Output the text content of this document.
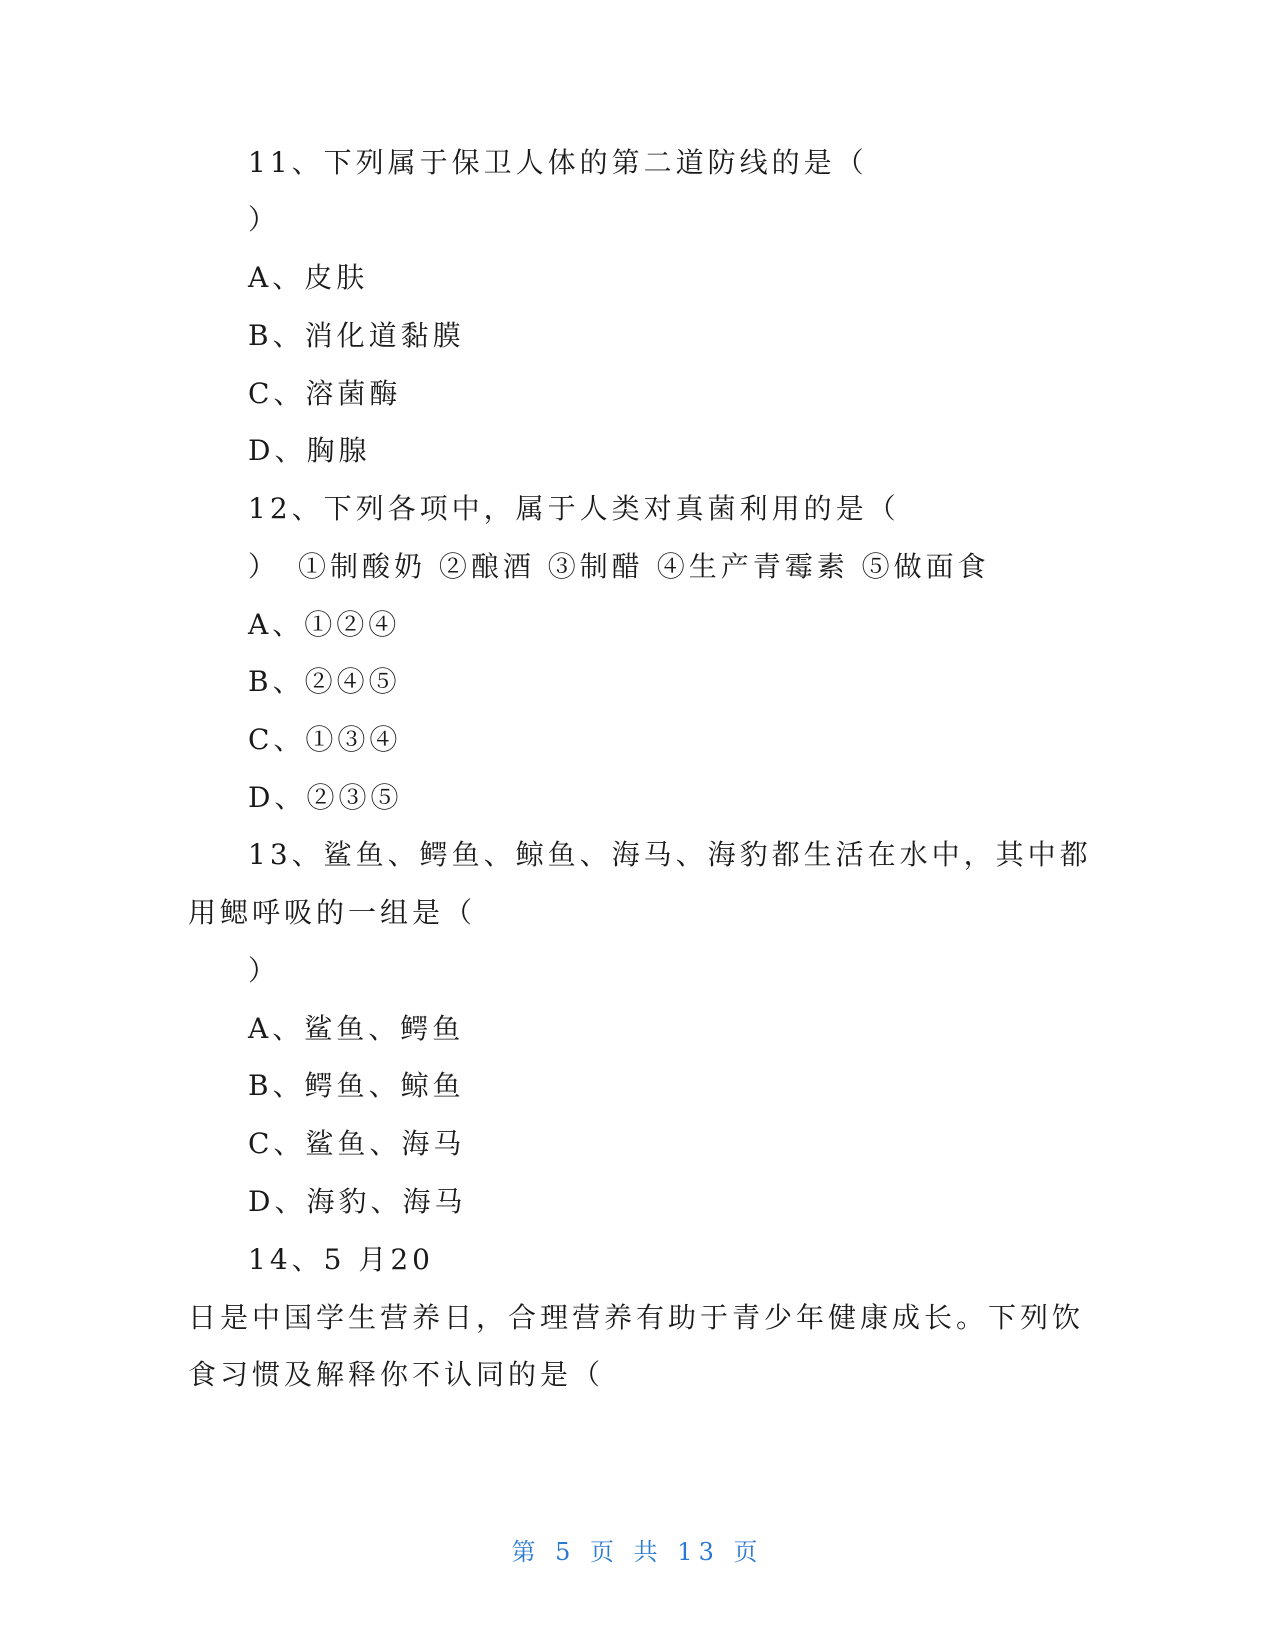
11、下列属于保卫人体的第二道防线的是（
）
A、皮肤
B、消化道黏膜
C、溶菌酶
D、胸腺
12、下列各项中，属于人类对真菌利用的是（
）　①制酸奶 ②酿酒 ③制醋 ④生产青霉素 ⑤做面食
A、①②④
B、②④⑤
C、①③④
D、②③⑤
13、鲨鱼、鳄鱼、鲸鱼、海马、海豹都生活在水中，其中都
用鳃呼吸的一组是（
）
A、鲨鱼、鳄鱼
B、鳄鱼、鲸鱼
C、鲨鱼、海马
D、海豹、海马
14、5 月20
日是中国学生营养日，合理营养有助于青少年健康成长。下列饮
食习惯及解释你不认同的是（
第 5 页 共 13 页
